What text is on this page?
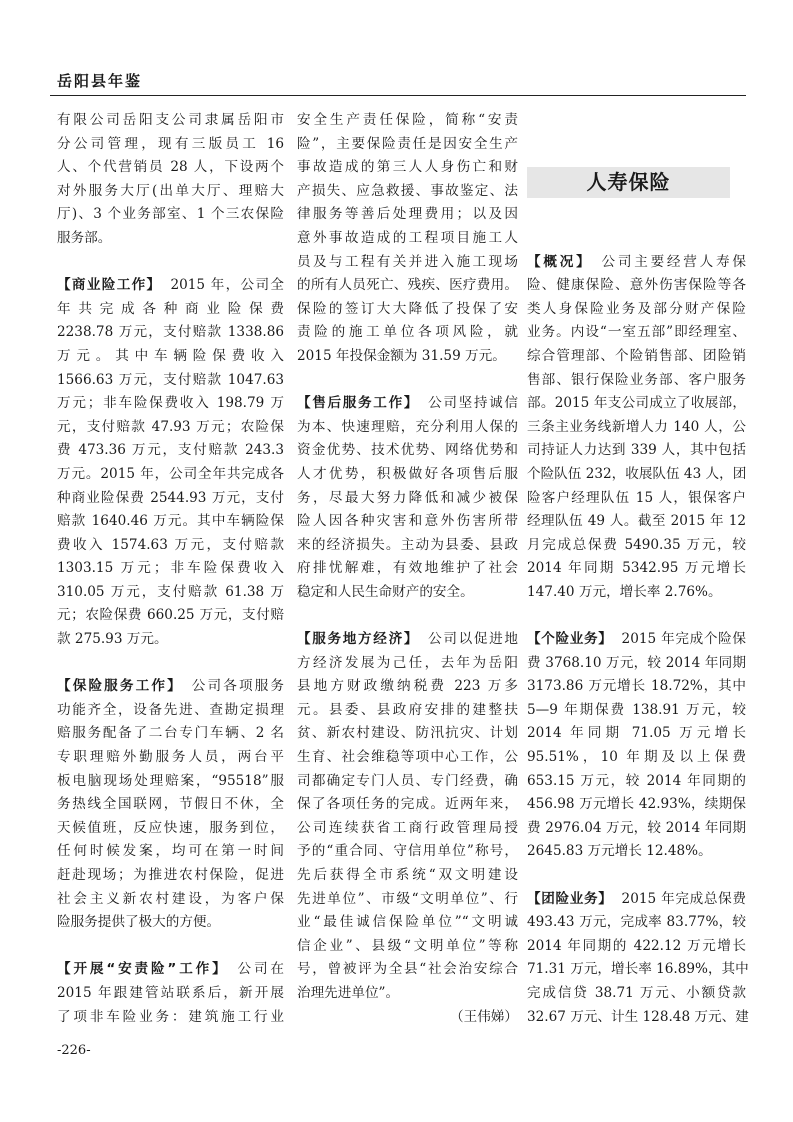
岳阳县年鉴
有限公司岳阳支公司隶属岳阳市
分公司管理，现有三版员工 16
人、个代营销员 28 人，下设两个
对外服务大厅(出单大厅、理赔大
厅)、3 个业务部室、1 个三农保险
服务部。
【商业险工作】 2015 年，公司全
年共完成各种商业险保费
2238.78 万元，支付赔款 1338.86
万元。其中车辆险保费收入
1566.63 万元，支付赔款 1047.63
万元；非车险保费收入 198.79 万
元，支付赔款 47.93 万元；农险保
费 473.36 万元，支付赔款 243.3
万元。2015 年，公司全年共完成各
种商业险保费 2544.93 万元，支付
赔款 1640.46 万元。其中车辆险保
费收入 1574.63 万元，支付赔款
1303.15 万元；非车险保费收入
310.05 万元，支付赔款 61.38 万
元；农险保费 660.25 万元，支付赔
款 275.93 万元。
【保险服务工作】 公司各项服务
功能齐全，设备先进、查勘定损理
赔服务配备了二台专门车辆、2 名
专职理赔外勤服务人员，两台平
板电脑现场处理赔案，“95518”服
务热线全国联网，节假日不休，全
天候值班，反应快速，服务到位，
任何时候发案，均可在第一时间
赶赴现场；为推进农村保险，促进
社会主义新农村建设，为客户保
险服务提供了极大的方便。
【开展“安责险”工作】 公司在
2015 年跟建管站联系后，新开展
了项非车险业务：建筑施工行业
安全生产责任保险，简称“安责
险”，主要保险责任是因安全生产
事故造成的第三人人身伤亡和财
产损失、应急救援、事故鉴定、法
律服务等善后处理费用；以及因
意外事故造成的工程项目施工人
员及与工程有关并进入施工现场
的所有人员死亡、残疾、医疗费用。
保险的签订大大降低了投保了安
责险的施工单位各项风险，就
2015 年投保金额为 31.59 万元。
【售后服务工作】 公司坚持诚信
为本、快速理赔，充分利用人保的
资金优势、技术优势、网络优势和
人才优势，积极做好各项售后服
务，尽最大努力降低和减少被保
险人因各种灾害和意外伤害所带
来的经济损失。主动为县委、县政
府排忧解难，有效地维护了社会
稳定和人民生命财产的安全。
【服务地方经济】 公司以促进地
方经济发展为己任，去年为岳阳
县地方财政缴纳税费 223 万多
元。县委、县政府安排的建整扶
贫、新农村建设、防汛抗灾、计划
生育、社会维稳等项中心工作，公
司都确定专门人员、专门经费，确
保了各项任务的完成。近两年来，
公司连续获省工商行政管理局授
予的“重合同、守信用单位”称号，
先后获得全市系统“双文明建设
先进单位”、市级“文明单位”、行
业“最佳诚信保险单位”“文明诚
信企业”、县级“文明单位”等称
号，曾被评为全县“社会治安综合
治理先进单位”。
（王伟娣）
【概况】 公司主要经营人寿保
险、健康保险、意外伤害保险等各
类人身保险业务及部分财产保险
业务。内设“一室五部”即经理室、
综合管理部、个险销售部、团险销
售部、银行保险业务部、客户服务
部。2015 年支公司成立了收展部，
三条主业务线新增人力 140 人，公
司持证人力达到 339 人，其中包括
个险队伍 232，收展队伍 43 人，团
险客户经理队伍 15 人，银保客户
经理队伍 49 人。截至 2015 年 12
月完成总保费 5490.35 万元，较
2014 年同期 5342.95 万元增长
147.40 万元，增长率 2.76%。
【个险业务】 2015 年完成个险保
费 3768.10 万元，较 2014 年同期
3173.86 万元增长 18.72%，其中
5—9 年期保费 138.91 万元，较
2014 年同期 71.05 万元增长
95.51%，10 年期及以上保费
653.15 万元，较 2014 年同期的
456.98 万元增长 42.93%，续期保
费 2976.04 万元，较 2014 年同期
2645.83 万元增长 12.48%。
【团险业务】 2015 年完成总保费
493.43 万元，完成率 83.77%，较
2014 年同期的 422.12 万元增长
71.31 万元，增长率 16.89%，其中
完成信贷 38.71 万元、小额贷款
32.67 万元、计生 128.48 万元、建
人寿保险
-226-
